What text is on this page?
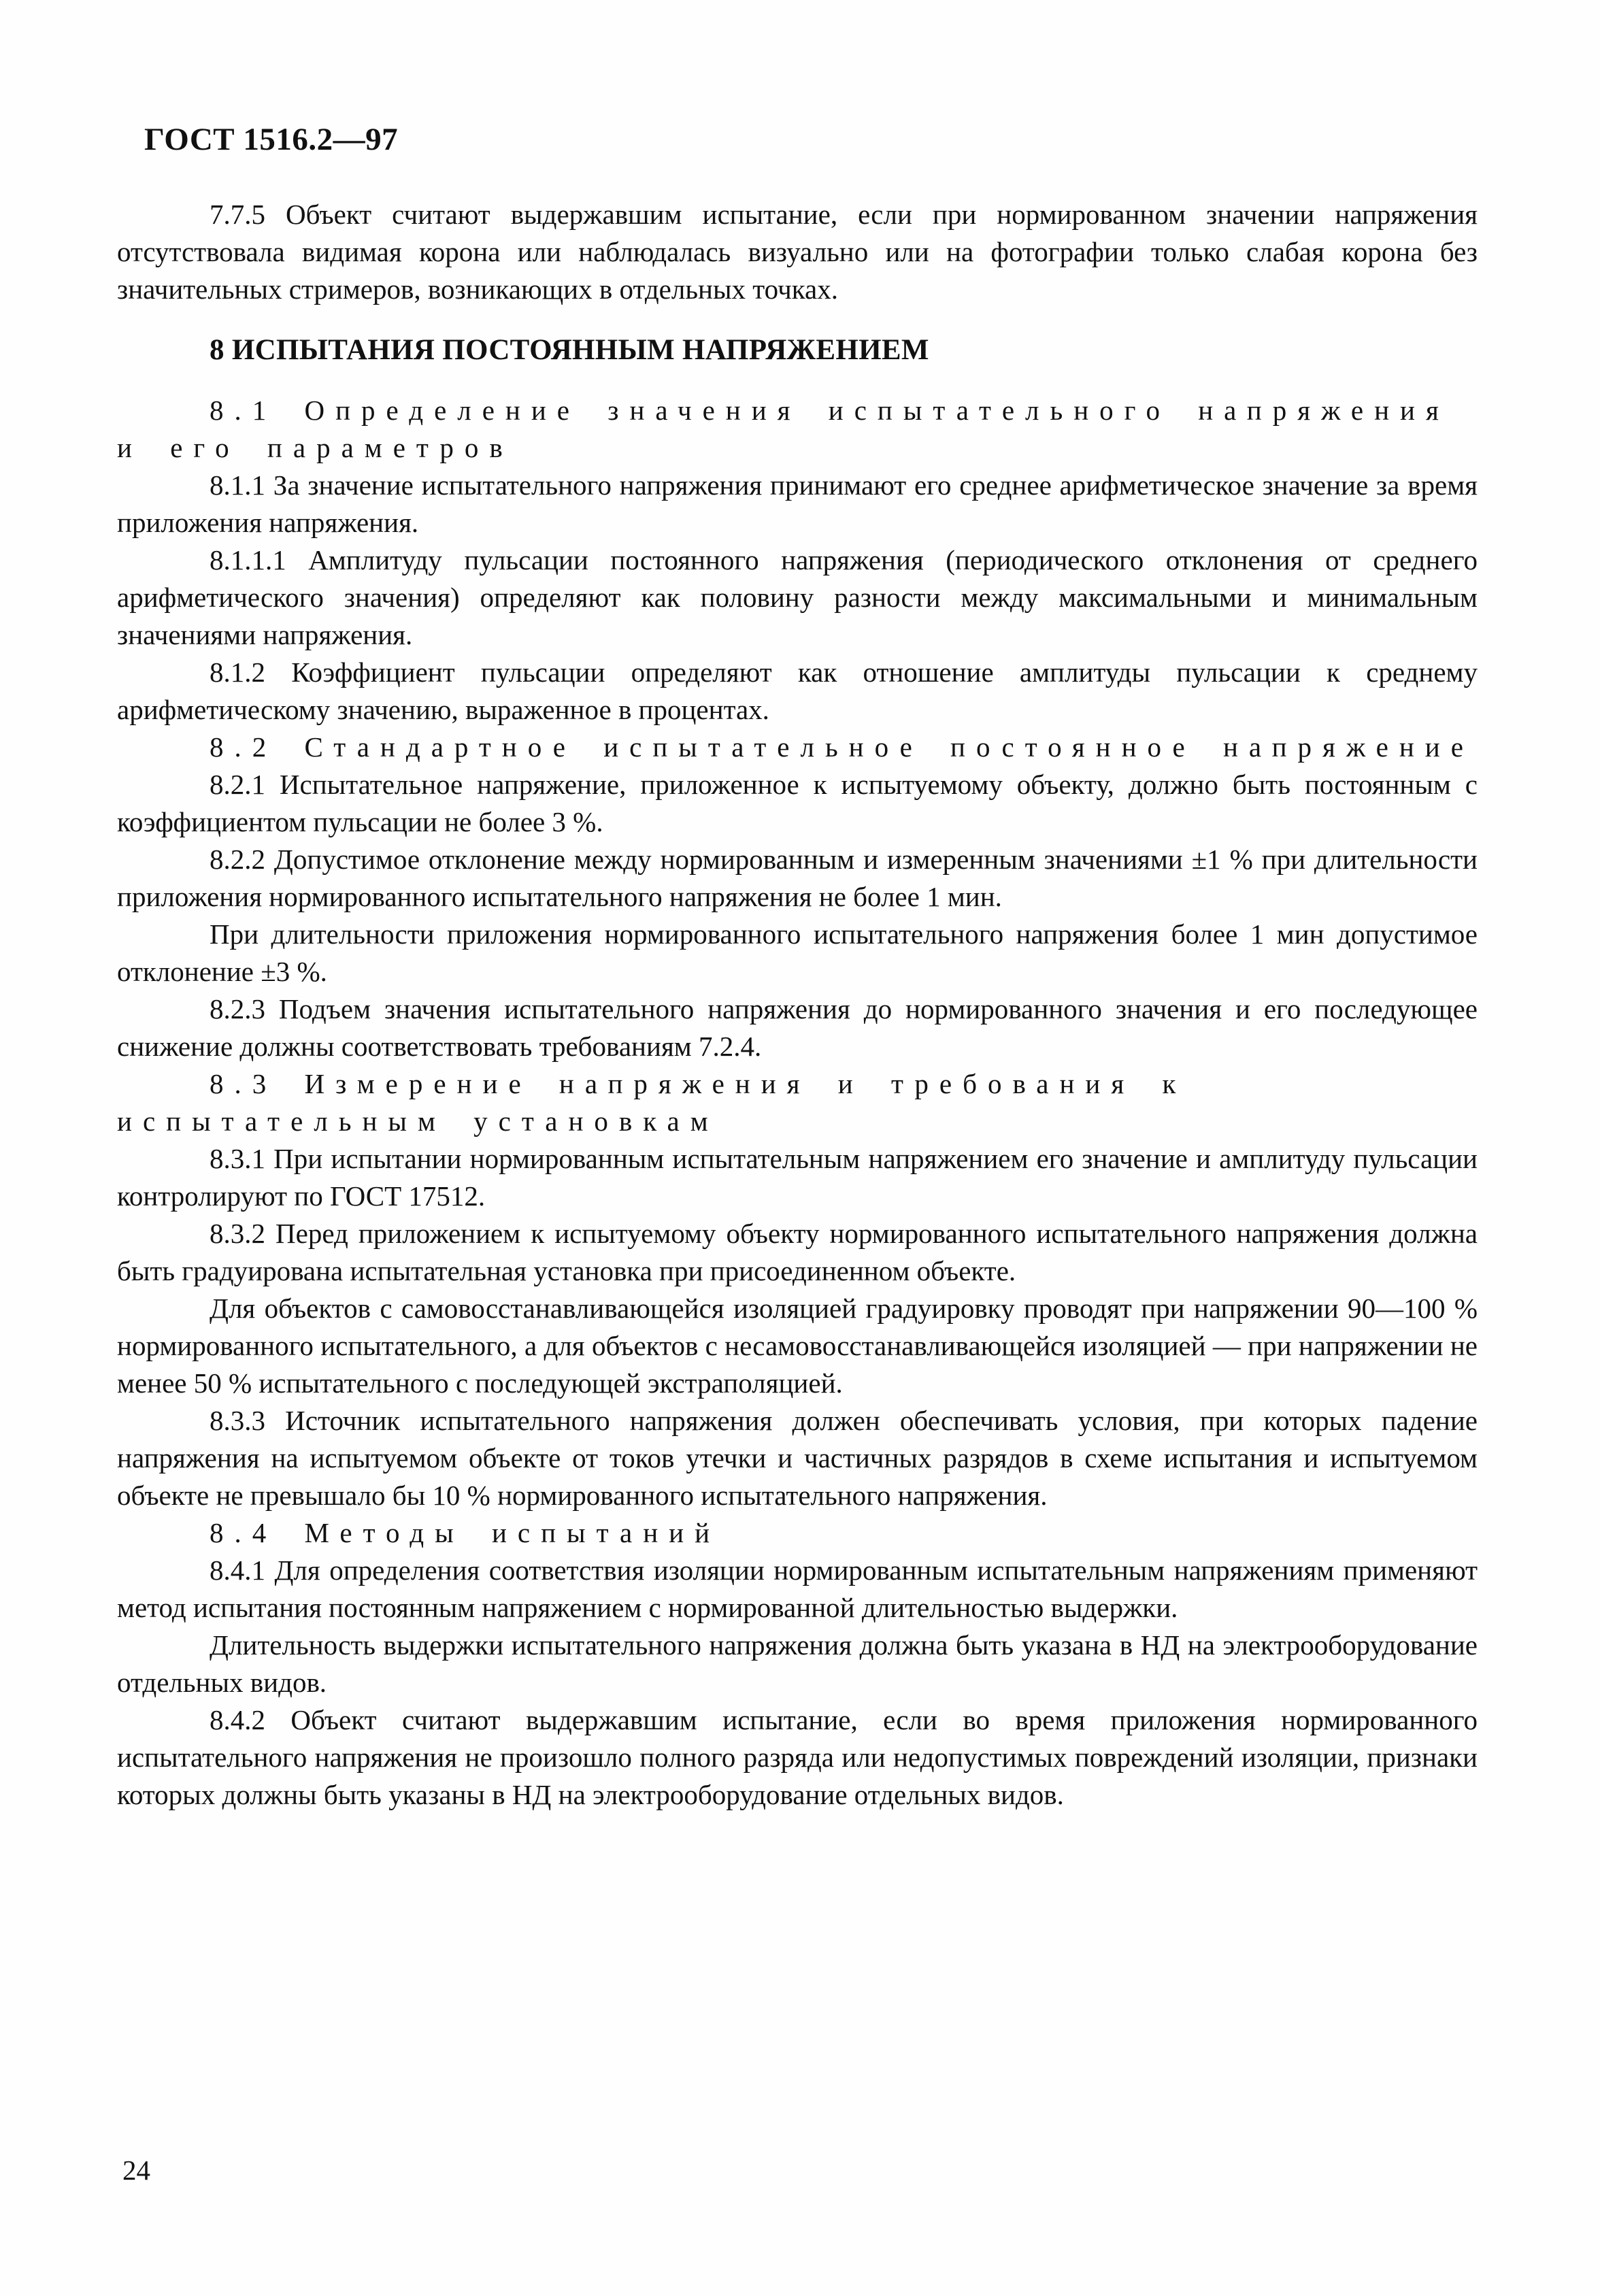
ГОСТ 1516.2—97

7.7.5 Объект считают выдержавшим испытание, если при нормированном значении напряжения отсутствовала видимая корона или наблюдалась визуально или на фотографии только слабая корона без значительных стримеров, возникающих в отдельных точках.

8 ИСПЫТАНИЯ ПОСТОЯННЫМ НАПРЯЖЕНИЕМ

8.1 Определение значения испытательного напряжения и его параметров

8.1.1 За значение испытательного напряжения принимают его среднее арифметическое значение за время приложения напряжения.

8.1.1.1 Амплитуду пульсации постоянного напряжения (периодического отклонения от среднего арифметического значения) определяют как половину разности между максимальными и минимальным значениями напряжения.

8.1.2 Коэффициент пульсации определяют как отношение амплитуды пульсации к среднему арифметическому значению, выраженное в процентах.

8.2 Стандартное испытательное постоянное напряжение

8.2.1 Испытательное напряжение, приложенное к испытуемому объекту, должно быть постоянным с коэффициентом пульсации не более 3 %.

8.2.2 Допустимое отклонение между нормированным и измеренным значениями ±1 % при длительности приложения нормированного испытательного напряжения не более 1 мин.

При длительности приложения нормированного испытательного напряжения более 1 мин допустимое отклонение ±3 %.

8.2.3 Подъем значения испытательного напряжения до нормированного значения и его последующее снижение должны соответствовать требованиям 7.2.4.

8.3 Измерение напряжения и требования к испытательным установкам

8.3.1 При испытании нормированным испытательным напряжением его значение и амплитуду пульсации контролируют по ГОСТ 17512.

8.3.2 Перед приложением к испытуемому объекту нормированного испытательного напряжения должна быть градуирована испытательная установка при присоединенном объекте.

Для объектов с самовосстанавливающейся изоляцией градуировку проводят при напряжении 90—100 % нормированного испытательного, а для объектов с несамовосстанавливающейся изоляцией — при напряжении не менее 50 % испытательного с последующей экстраполяцией.

8.3.3 Источник испытательного напряжения должен обеспечивать условия, при которых падение напряжения на испытуемом объекте от токов утечки и частичных разрядов в схеме испытания и испытуемом объекте не превышало бы 10 % нормированного испытательного напряжения.

8.4 Методы испытаний

8.4.1 Для определения соответствия изоляции нормированным испытательным напряжениям применяют метод испытания постоянным напряжением с нормированной длительностью выдержки.

Длительность выдержки испытательного напряжения должна быть указана в НД на электрооборудование отдельных видов.

8.4.2 Объект считают выдержавшим испытание, если во время приложения нормированного испытательного напряжения не произошло полного разряда или недопустимых повреждений изоляции, признаки которых должны быть указаны в НД на электрооборудование отдельных видов.

24
